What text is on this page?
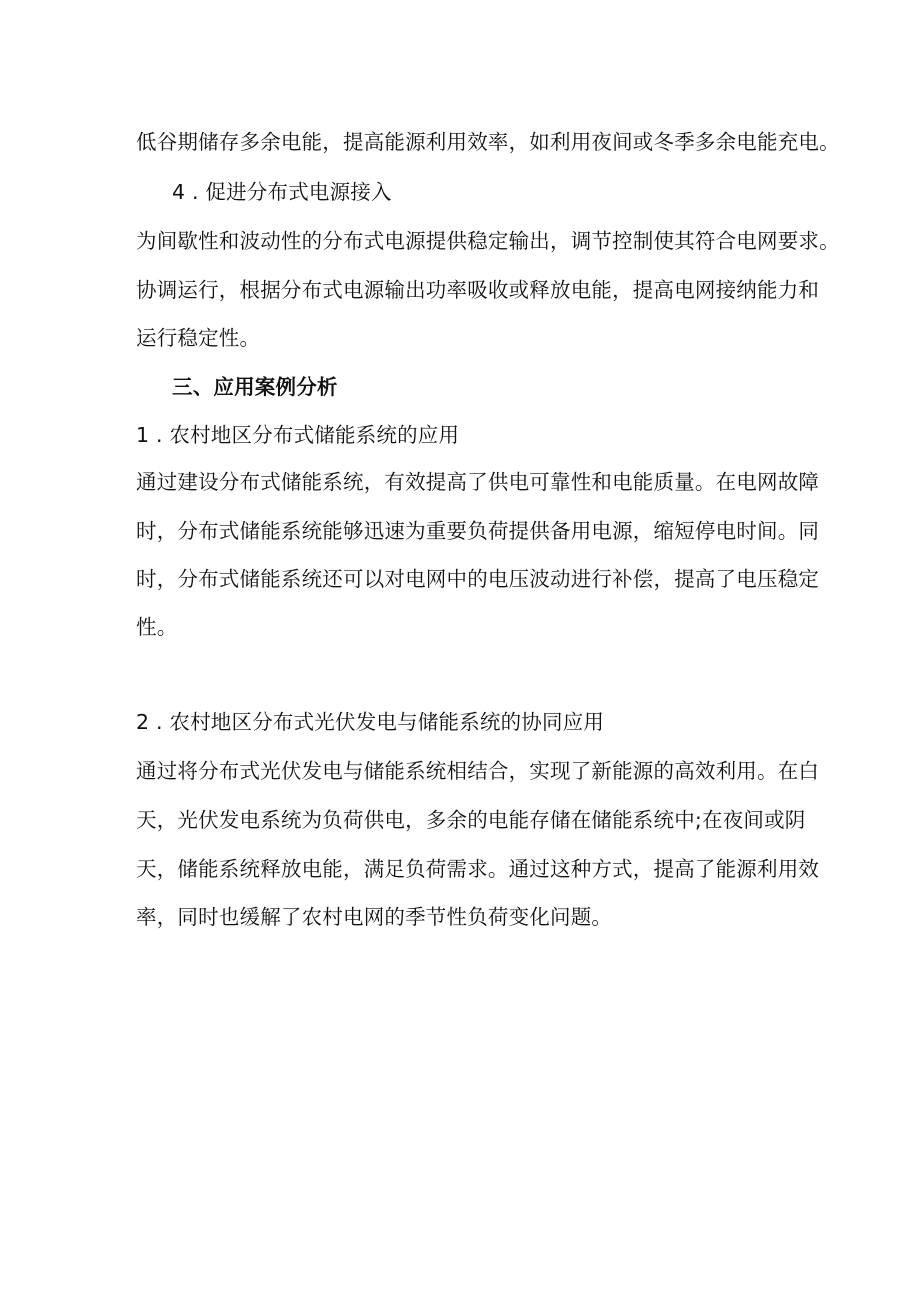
低谷期储存多余电能，提高能源利用效率，如利用夜间或冬季多余电能充电。
4 . 促进分布式电源接入
为间歇性和波动性的分布式电源提供稳定输出，调节控制使其符合电网要求。
协调运行，根据分布式电源输出功率吸收或释放电能，提高电网接纳能力和
运行稳定性。
三、应用案例分析
1 . 农村地区分布式储能系统的应用
通过建设分布式储能系统，有效提高了供电可靠性和电能质量。在电网故障
时，分布式储能系统能够迅速为重要负荷提供备用电源，缩短停电时间。同
时，分布式储能系统还可以对电网中的电压波动进行补偿，提高了电压稳定
性。
2 . 农村地区分布式光伏发电与储能系统的协同应用
通过将分布式光伏发电与储能系统相结合，实现了新能源的高效利用。在白
天，光伏发电系统为负荷供电，多余的电能存储在储能系统中;在夜间或阴
天，储能系统释放电能，满足负荷需求。通过这种方式，提高了能源利用效
率，同时也缓解了农村电网的季节性负荷变化问题。
